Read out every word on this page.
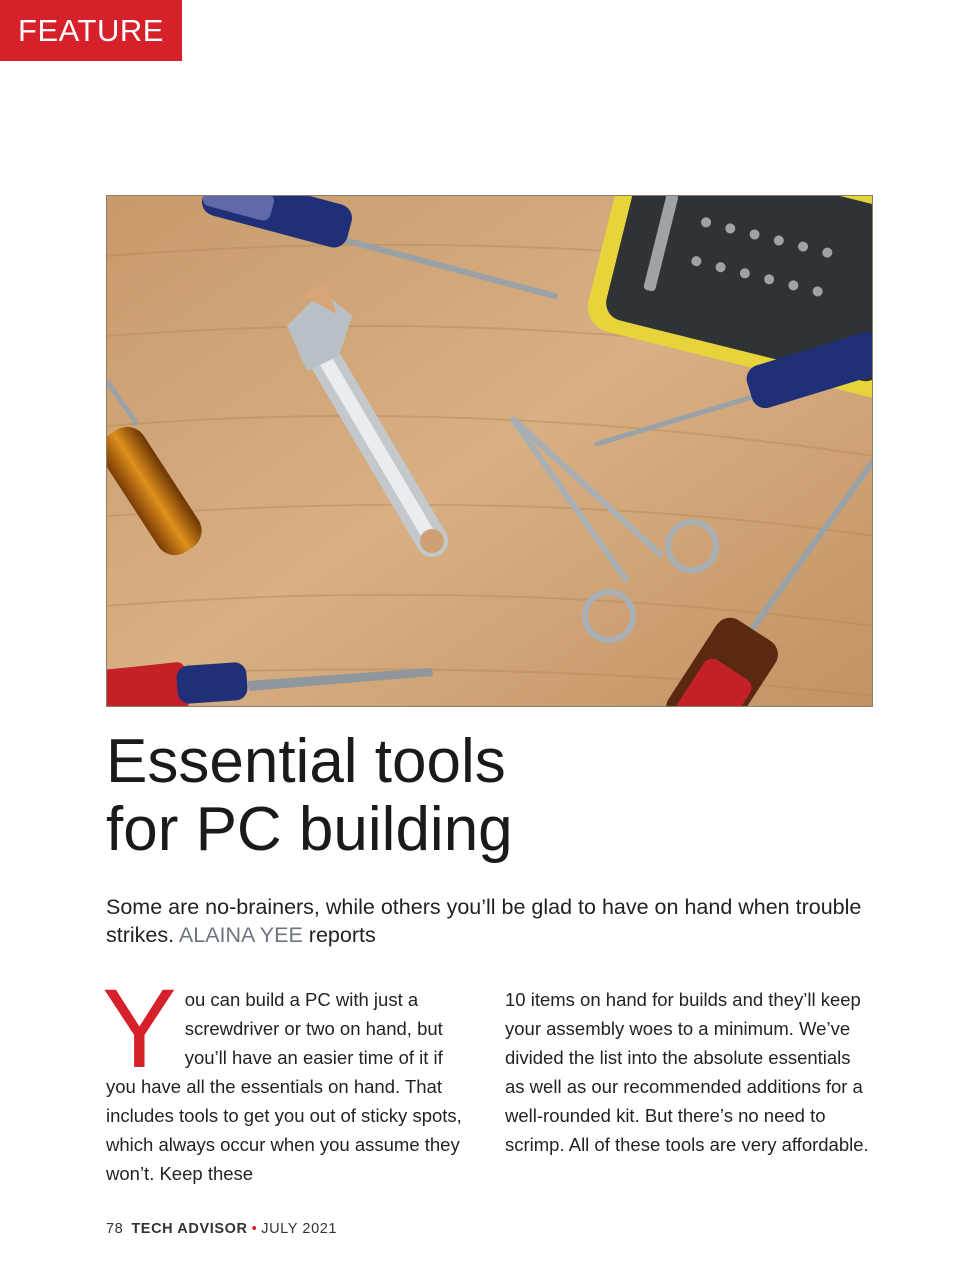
FEATURE
Essential tools
for PC building

Some are no-brainers, while others you’ll be glad to have on hand when trouble strikes. ALAINA YEE reports

You can build a PC with just a screwdriver or two on hand, but you’ll have an easier time of it if you have all the essentials on hand. That includes tools to get you out of sticky spots, which always occur when you assume they won’t. Keep these

10 items on hand for builds and they’ll keep your assembly woes to a minimum. We’ve divided the list into the absolute essentials as well as our recommended additions for a well-rounded kit. But there’s no need to scrimp. All of these tools are very affordable.

78 TECH ADVISOR • JULY 2021
